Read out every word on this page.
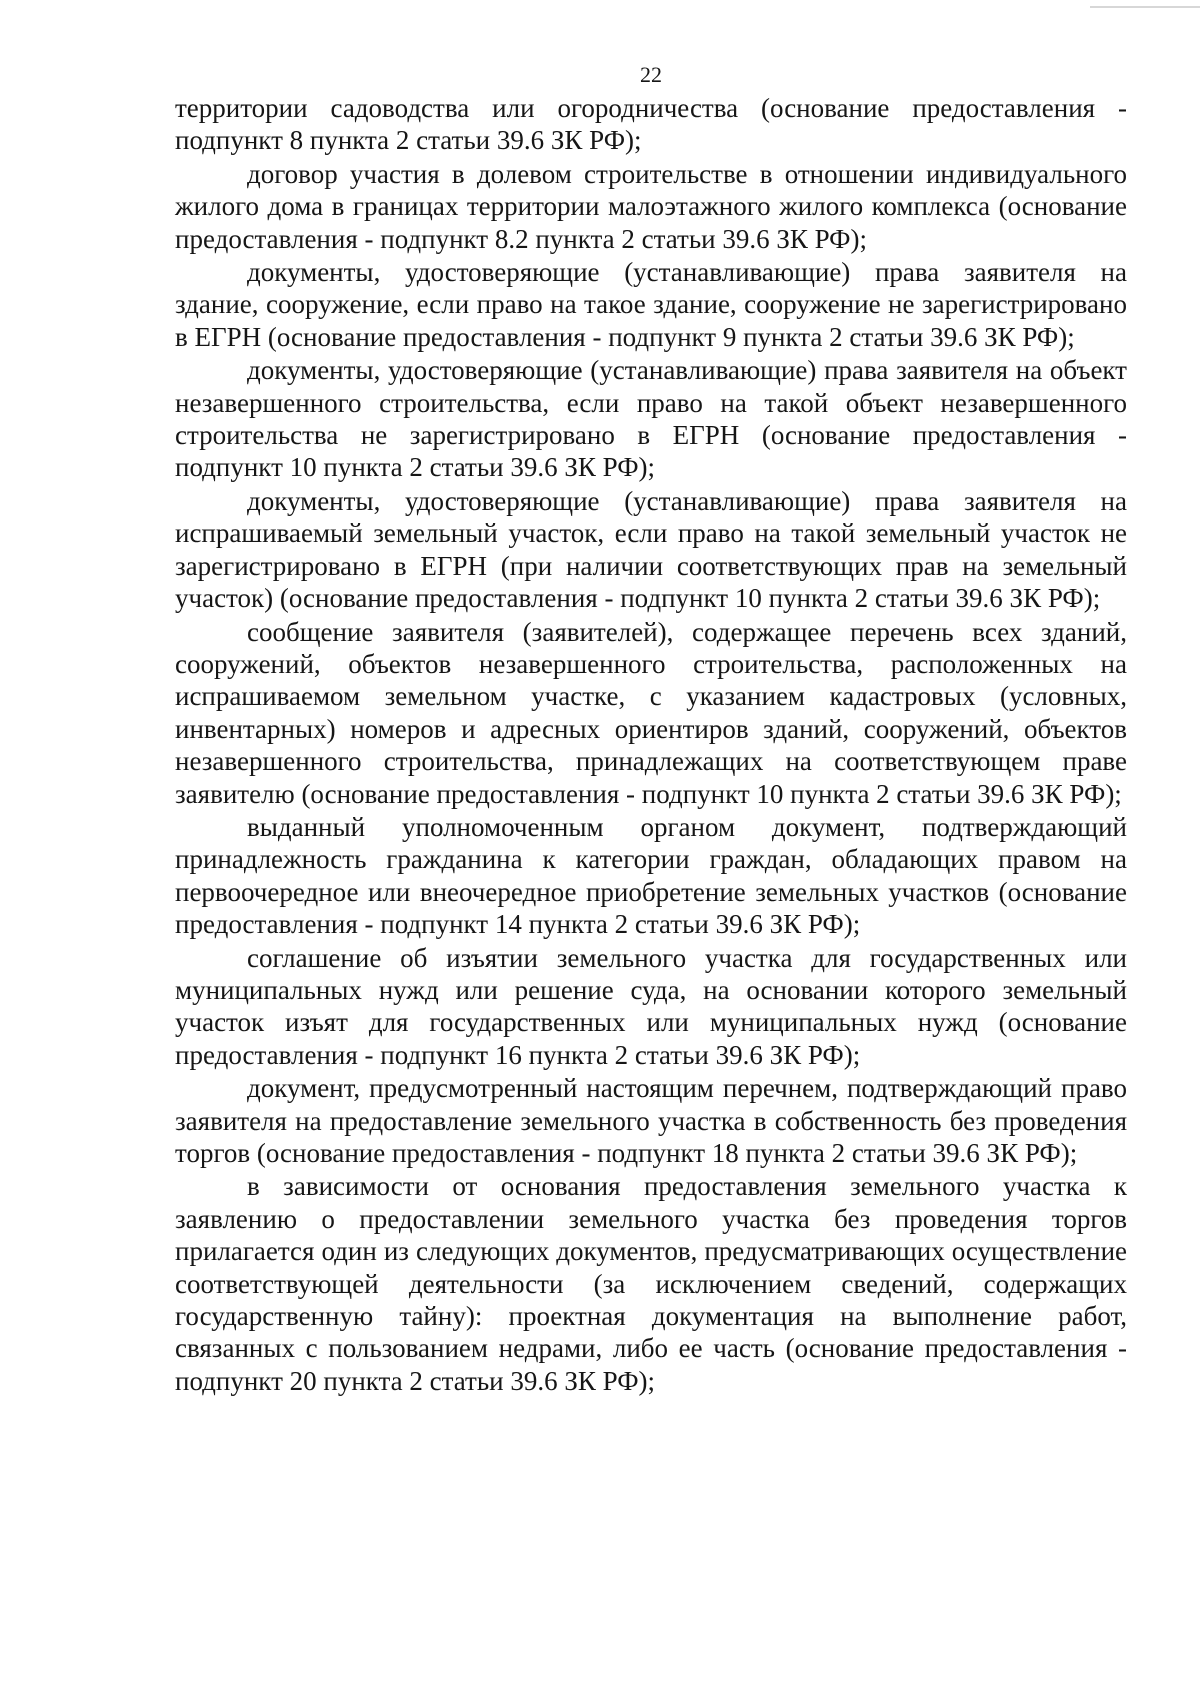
22

территории садоводства или огородничества (основание предоставления - подпункт 8 пункта 2 статьи 39.6 ЗК РФ);

договор участия в долевом строительстве в отношении индивидуального жилого дома в границах территории малоэтажного жилого комплекса (основание предоставления - подпункт 8.2 пункта 2 статьи 39.6 ЗК РФ);

документы, удостоверяющие (устанавливающие) права заявителя на здание, сооружение, если право на такое здание, сооружение не зарегистрировано в ЕГРН (основание предоставления - подпункт 9 пункта 2 статьи 39.6 ЗК РФ);

документы, удостоверяющие (устанавливающие) права заявителя на объект незавершенного строительства, если право на такой объект незавершенного строительства не зарегистрировано в ЕГРН (основание предоставления - подпункт 10 пункта 2 статьи 39.6 ЗК РФ);

документы, удостоверяющие (устанавливающие) права заявителя на испрашиваемый земельный участок, если право на такой земельный участок не зарегистрировано в ЕГРН (при наличии соответствующих прав на земельный участок) (основание предоставления - подпункт 10 пункта 2 статьи 39.6 ЗК РФ);

сообщение заявителя (заявителей), содержащее перечень всех зданий, сооружений, объектов незавершенного строительства, расположенных на испрашиваемом земельном участке, с указанием кадастровых (условных, инвентарных) номеров и адресных ориентиров зданий, сооружений, объектов незавершенного строительства, принадлежащих на соответствующем праве заявителю (основание предоставления - подпункт 10 пункта 2 статьи 39.6 ЗК РФ);

выданный уполномоченным органом документ, подтверждающий принадлежность гражданина к категории граждан, обладающих правом на первоочередное или внеочередное приобретение земельных участков (основание предоставления - подпункт 14 пункта 2 статьи 39.6 ЗК РФ);

соглашение об изъятии земельного участка для государственных или муниципальных нужд или решение суда, на основании которого земельный участок изъят для государственных или муниципальных нужд (основание предоставления - подпункт 16 пункта 2 статьи 39.6 ЗК РФ);

документ, предусмотренный настоящим перечнем, подтверждающий право заявителя на предоставление земельного участка в собственность без проведения торгов (основание предоставления - подпункт 18 пункта 2 статьи 39.6 ЗК РФ);

в зависимости от основания предоставления земельного участка к заявлению о предоставлении земельного участка без проведения торгов прилагается один из следующих документов, предусматривающих осуществление соответствующей деятельности (за исключением сведений, содержащих государственную тайну): проектная документация на выполнение работ, связанных с пользованием недрами, либо ее часть (основание предоставления - подпункт 20 пункта 2 статьи 39.6 ЗК РФ);
